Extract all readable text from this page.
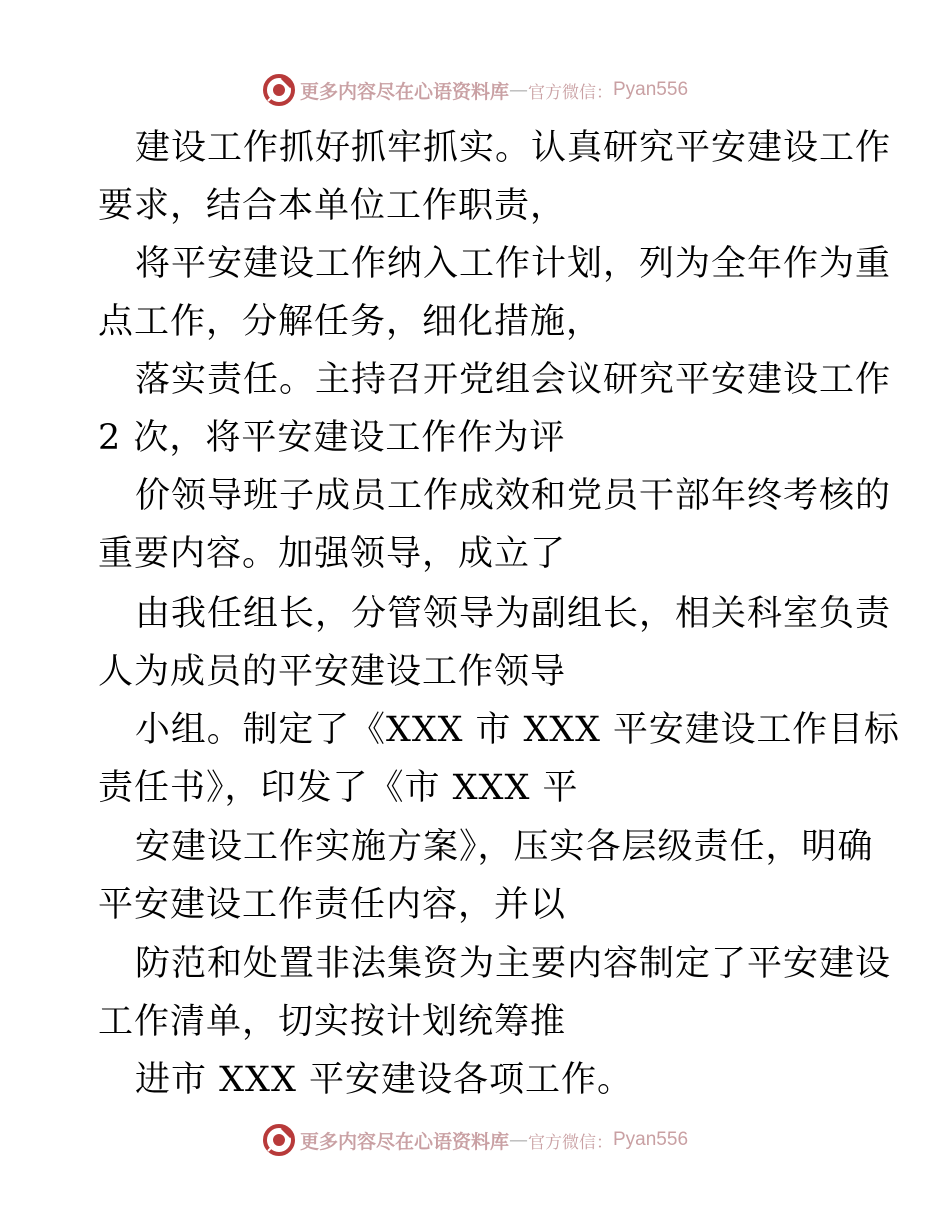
更多内容尽在心语资料库 — 官方微信： Pyan556
建设工作抓好抓牢抓实。认真研究平安建设工作
要求，结合本单位工作职责，
将平安建设工作纳入工作计划，列为全年作为重
点工作，分解任务，细化措施，
落实责任。主持召开党组会议研究平安建设工作
2 次，将平安建设工作作为评
价领导班子成员工作成效和党员干部年终考核的
重要内容。加强领导，成立了
由我任组长，分管领导为副组长，相关科室负责
人为成员的平安建设工作领导
小组。制定了《XXX 市 XXX 平安建设工作目标
责任书》，印发了《市 XXX 平
安建设工作实施方案》，压实各层级责任，明确
平安建设工作责任内容，并以
防范和处置非法集资为主要内容制定了平安建设
工作清单，切实按计划统筹推
进市 XXX 平安建设各项工作。
更多内容尽在心语资料库 — 官方微信： Pyan556
